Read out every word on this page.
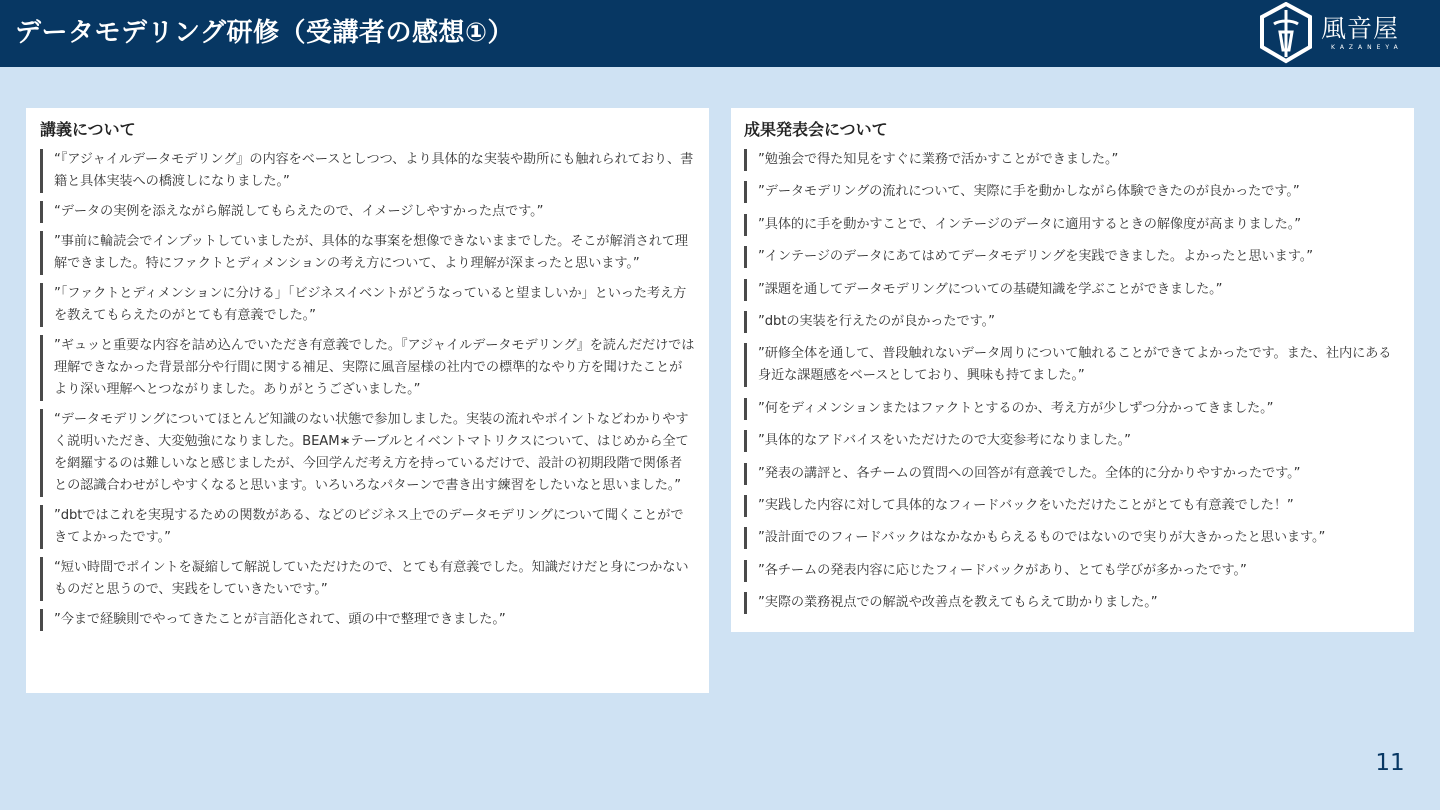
データモデリング研修（受講者の感想①）	風音屋
KAZANEYA
講義について
“『アジャイルデータモデリング』の内容をベースとしつつ、より具体的な実装や勘所にも触れられており、書籍と具体実装への橋渡しになりました。”
“データの実例を添えながら解説してもらえたので、イメージしやすかった点です。”
”事前に輪読会でインプットしていましたが、具体的な事案を想像できないままでした。そこが解消されて理解できました。特にファクトとディメンションの考え方について、より理解が深まったと思います。”
”「ファクトとディメンションに分ける」「ビジネスイベントがどうなっていると望ましいか」といった考え方を教えてもらえたのがとても有意義でした。”
”ギュッと重要な内容を詰め込んでいただき有意義でした。『アジャイルデータモデリング』を読んだだけでは理解できなかった背景部分や行間に関する補足、実際に風音屋様の社内での標準的なやり方を聞けたことがより深い理解へとつながりました。ありがとうございました。”
“データモデリングについてほとんど知識のない状態で参加しました。実装の流れやポイントなどわかりやすく説明いただき、大変勉強になりました。BEAM∗テーブルとイベントマトリクスについて、はじめから全てを網羅するのは難しいなと感じましたが、今回学んだ考え方を持っているだけで、設計の初期段階で関係者との認識合わせがしやすくなると思います。いろいろなパターンで書き出す練習をしたいなと思いました。”
”dbtではこれを実現するための関数がある、などのビジネス上でのデータモデリングについて聞くことができてよかったです。”
“短い時間でポイントを凝縮して解説していただけたので、とても有意義でした。知識だけだと身につかないものだと思うので、実践をしていきたいです。”
”今まで経験則でやってきたことが言語化されて、頭の中で整理できました。”
成果発表会について
”勉強会で得た知見をすぐに業務で活かすことができました。”
”データモデリングの流れについて、実際に手を動かしながら体験できたのが良かったです。”
”具体的に手を動かすことで、インテージのデータに適用するときの解像度が高まりました。”
”インテージのデータにあてはめてデータモデリングを実践できました。よかったと思います。”
”課題を通してデータモデリングについての基礎知識を学ぶことができました。”
”dbtの実装を行えたのが良かったです。”
”研修全体を通して、普段触れないデータ周りについて触れることができてよかったです。また、社内にある身近な課題感をベースとしており、興味も持てました。”
”何をディメンションまたはファクトとするのか、考え方が少しずつ分かってきました。”
”具体的なアドバイスをいただけたので大変参考になりました。”
”発表の講評と、各チームの質問への回答が有意義でした。全体的に分かりやすかったです。”
”実践した内容に対して具体的なフィードバックをいただけたことがとても有意義でした！”
”設計面でのフィードバックはなかなかもらえるものではないので実りが大きかったと思います。”
”各チームの発表内容に応じたフィードバックがあり、とても学びが多かったです。”
”実際の業務視点での解説や改善点を教えてもらえて助かりました。”
11
